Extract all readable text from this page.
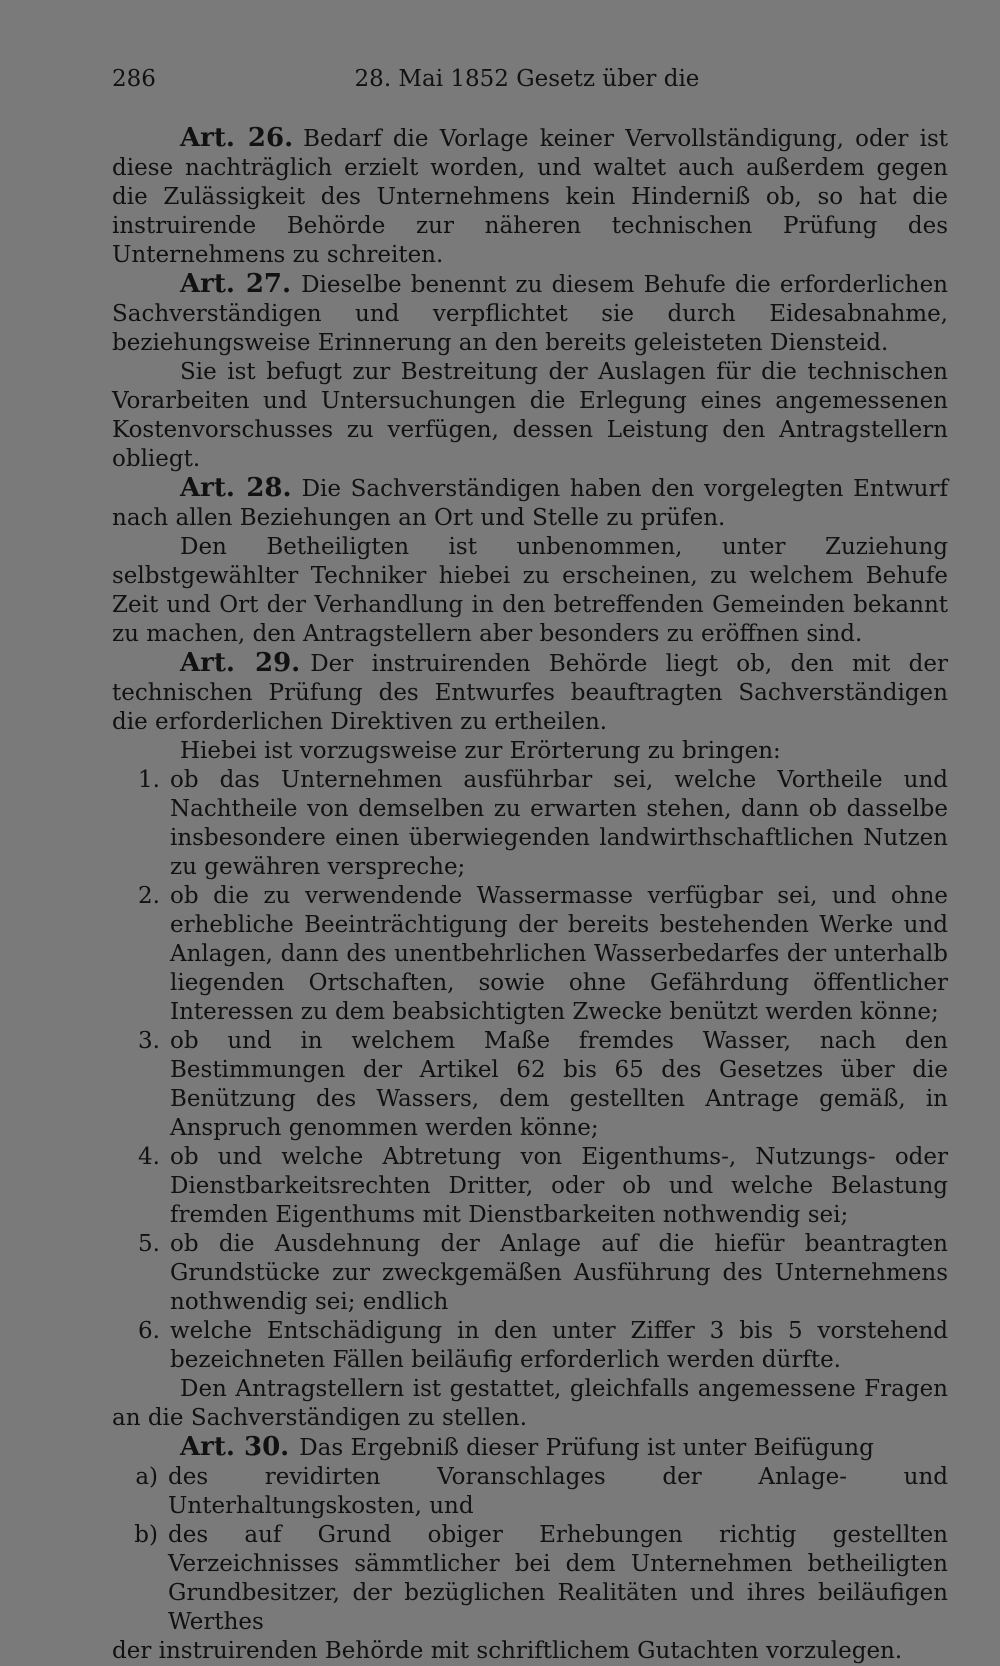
286	28. Mai 1852 Gesetz über die

Art. 26. Bedarf die Vorlage keiner Vervollständigung, oder ist diese nachträglich erzielt worden, und waltet auch außerdem gegen die Zulässigkeit des Unternehmens kein Hinderniß ob, so hat die instruirende Behörde zur näheren technischen Prüfung des Unternehmens zu schreiten.

Art. 27. Dieselbe benennt zu diesem Behufe die erforderlichen Sachverständigen und verpflichtet sie durch Eidesabnahme, beziehungsweise Erinnerung an den bereits geleisteten Diensteid.

Sie ist befugt zur Bestreitung der Auslagen für die technischen Vorarbeiten und Untersuchungen die Erlegung eines angemessenen Kostenvorschusses zu verfügen, dessen Leistung den Antragstellern obliegt.

Art. 28. Die Sachverständigen haben den vorgelegten Entwurf nach allen Beziehungen an Ort und Stelle zu prüfen.

Den Betheiligten ist unbenommen, unter Zuziehung selbstgewählter Techniker hiebei zu erscheinen, zu welchem Behufe Zeit und Ort der Verhandlung in den betreffenden Gemeinden bekannt zu machen, den Antragstellern aber besonders zu eröffnen sind.

Art. 29. Der instruirenden Behörde liegt ob, den mit der technischen Prüfung des Entwurfes beauftragten Sachverständigen die erforderlichen Direktiven zu ertheilen.

Hiebei ist vorzugsweise zur Erörterung zu bringen:

1. ob das Unternehmen ausführbar sei, welche Vortheile und Nachtheile von demselben zu erwarten stehen, dann ob dasselbe insbesondere einen überwiegenden landwirthschaftlichen Nutzen zu gewähren verspreche;
2. ob die zu verwendende Wassermasse verfügbar sei, und ohne erhebliche Beeinträchtigung der bereits bestehenden Werke und Anlagen, dann des unentbehrlichen Wasserbedarfes der unterhalb liegenden Ortschaften, sowie ohne Gefährdung öffentlicher Interessen zu dem beabsichtigten Zwecke benützt werden könne;
3. ob und in welchem Maße fremdes Wasser, nach den Bestimmungen der Artikel 62 bis 65 des Gesetzes über die Benützung des Wassers, dem gestellten Antrage gemäß, in Anspruch genommen werden könne;
4. ob und welche Abtretung von Eigenthums-, Nutzungs- oder Dienstbarkeitsrechten Dritter, oder ob und welche Belastung fremden Eigenthums mit Dienstbarkeiten nothwendig sei;
5. ob die Ausdehnung der Anlage auf die hiefür beantragten Grundstücke zur zweckgemäßen Ausführung des Unternehmens nothwendig sei; endlich
6. welche Entschädigung in den unter Ziffer 3 bis 5 vorstehend bezeichneten Fällen beiläufig erforderlich werden dürfte.

Den Antragstellern ist gestattet, gleichfalls angemessene Fragen an die Sachverständigen zu stellen.

Art. 30. Das Ergebniß dieser Prüfung ist unter Beifügung

a) des revidirten Voranschlages der Anlage- und Unterhaltungskosten, und
b) des auf Grund obiger Erhebungen richtig gestellten Verzeichnisses sämmtlicher bei dem Unternehmen betheiligten Grundbesitzer, der bezüglichen Realitäten und ihres beiläufigen Werthes

der instruirenden Behörde mit schriftlichem Gutachten vorzulegen.
